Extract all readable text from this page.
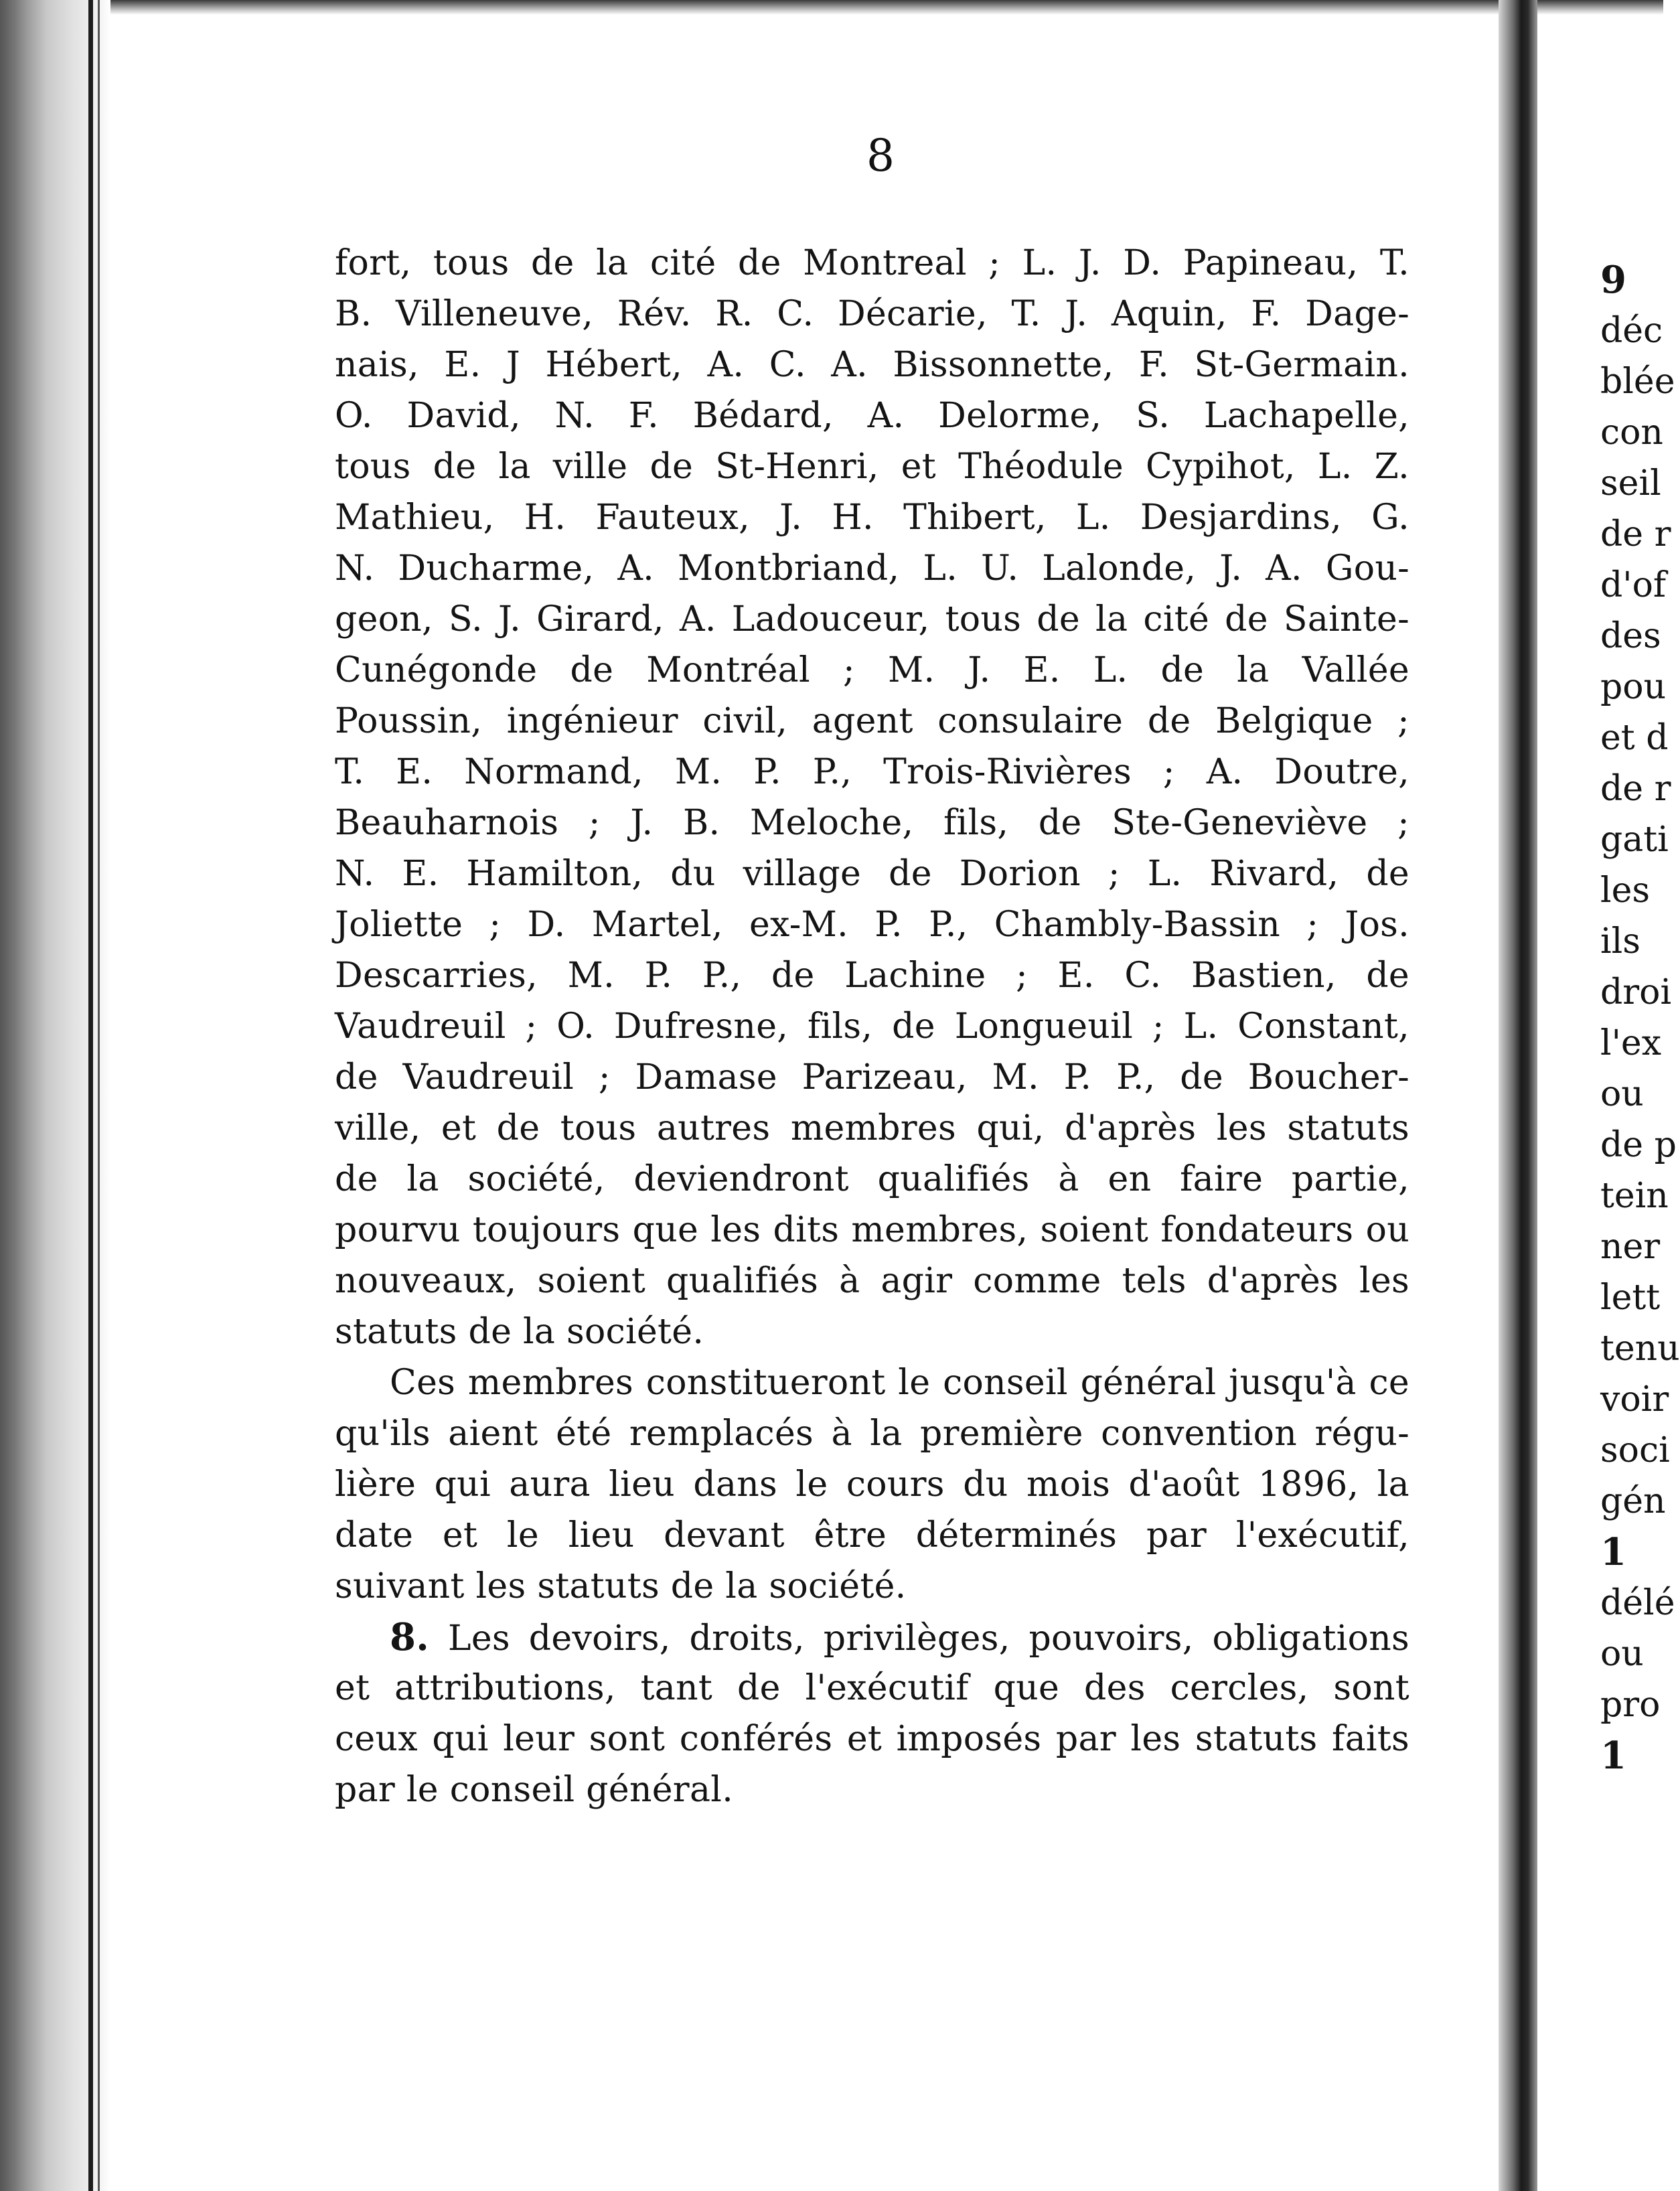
8
fort, tous de la cité de Montreal ; L. J. D. Papineau, T.
B. Villeneuve, Rév. R. C. Décarie, T. J. Aquin, F. Dage-
nais, E. J Hébert, A. C. A. Bissonnette, F. St-Germain.
O. David, N. F. Bédard, A. Delorme, S. Lachapelle,
tous de la ville de St-Henri, et Théodule Cypihot, L. Z.
Mathieu, H. Fauteux, J. H. Thibert, L. Desjardins, G.
N. Ducharme, A. Montbriand, L. U. Lalonde, J. A. Gou-
geon, S. J. Girard, A. Ladouceur, tous de la cité de Sainte-
Cunégonde de Montréal ; M. J. E. L. de la Vallée
Poussin, ingénieur civil, agent consulaire de Belgique ;
T. E. Normand, M. P. P., Trois-Rivières ; A. Doutre,
Beauharnois ; J. B. Meloche, fils, de Ste-Geneviève ;
N. E. Hamilton, du village de Dorion ; L. Rivard, de
Joliette ; D. Martel, ex-M. P. P., Chambly-Bassin ; Jos.
Descarries, M. P. P., de Lachine ; E. C. Bastien, de
Vaudreuil ; O. Dufresne, fils, de Longueuil ; L. Constant,
de Vaudreuil ; Damase Parizeau, M. P. P., de Boucher-
ville, et de tous autres membres qui, d'après les statuts
de la société, deviendront qualifiés à en faire partie,
pourvu toujours que les dits membres, soient fondateurs ou
nouveaux, soient qualifiés à agir comme tels d'après les
statuts de la société.
Ces membres constitueront le conseil général jusqu'à ce
qu'ils aient été remplacés à la première convention régu-
lière qui aura lieu dans le cours du mois d'août 1896, la
date et le lieu devant être déterminés par l'exécutif,
suivant les statuts de la société.
8. Les devoirs, droits, privilèges, pouvoirs, obligations
et attributions, tant de l'exécutif que des cercles, sont
ceux qui leur sont conférés et imposés par les statuts faits
par le conseil général.
9
déc
blée
con
seil
de r
d'of
des
pou
et d
de r
gati
les
ils
droi
l'ex
ou
de p
tein
ner
lett
tenu
voir
soci
gén
1
délé
ou
pro
1
